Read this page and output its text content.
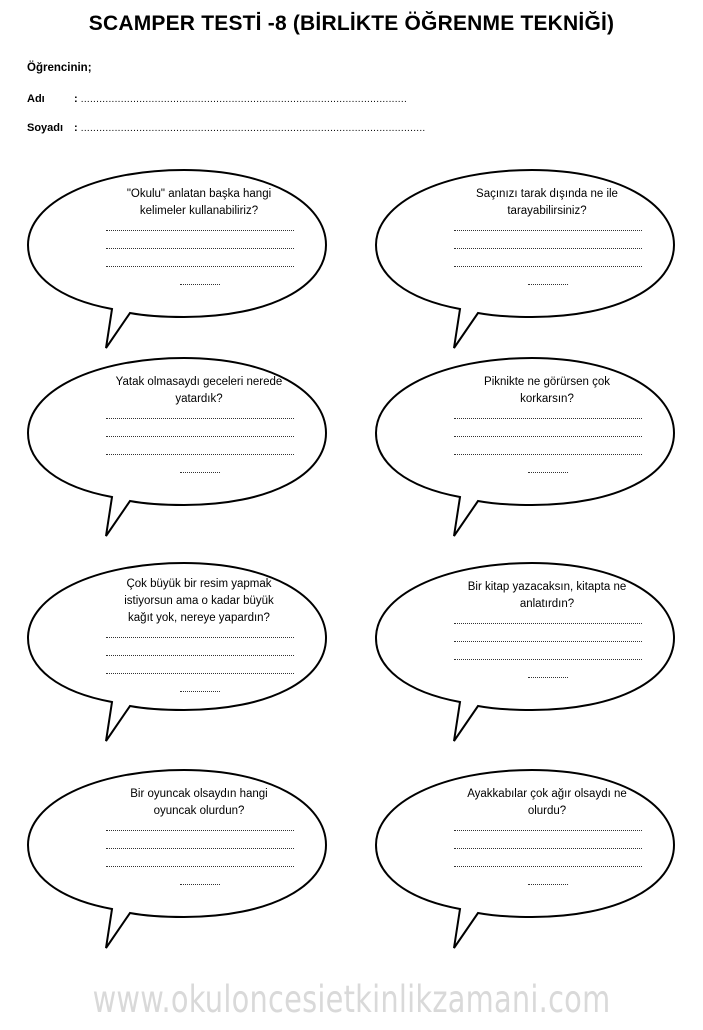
SCAMPER TESTİ -8 (BİRLİKTE ÖĞRENME TEKNİĞİ)
Öğrencinin;
Adı	: ..........................................................................................................
Soyadı : ................................................................................................................
"Okulu" anlatan başka hangi
kelimeler kullanabiliriz?
Saçınızı tarak dışında ne ile
tarayabilirsiniz?
Yatak olmasaydı geceleri nerede
yatardık?
Piknikte ne görürsen çok
korkarsın?
Çok büyük bir resim yapmak
istiyorsun ama o kadar büyük
kağıt yok, nereye yapardın?
Bir kitap yazacaksın, kitapta ne
anlatırdın?
Bir oyuncak olsaydın hangi
oyuncak olurdun?
Ayakkabılar çok ağır olsaydı ne
olurdu?
www.okuloncesietkinlikzamani.com
